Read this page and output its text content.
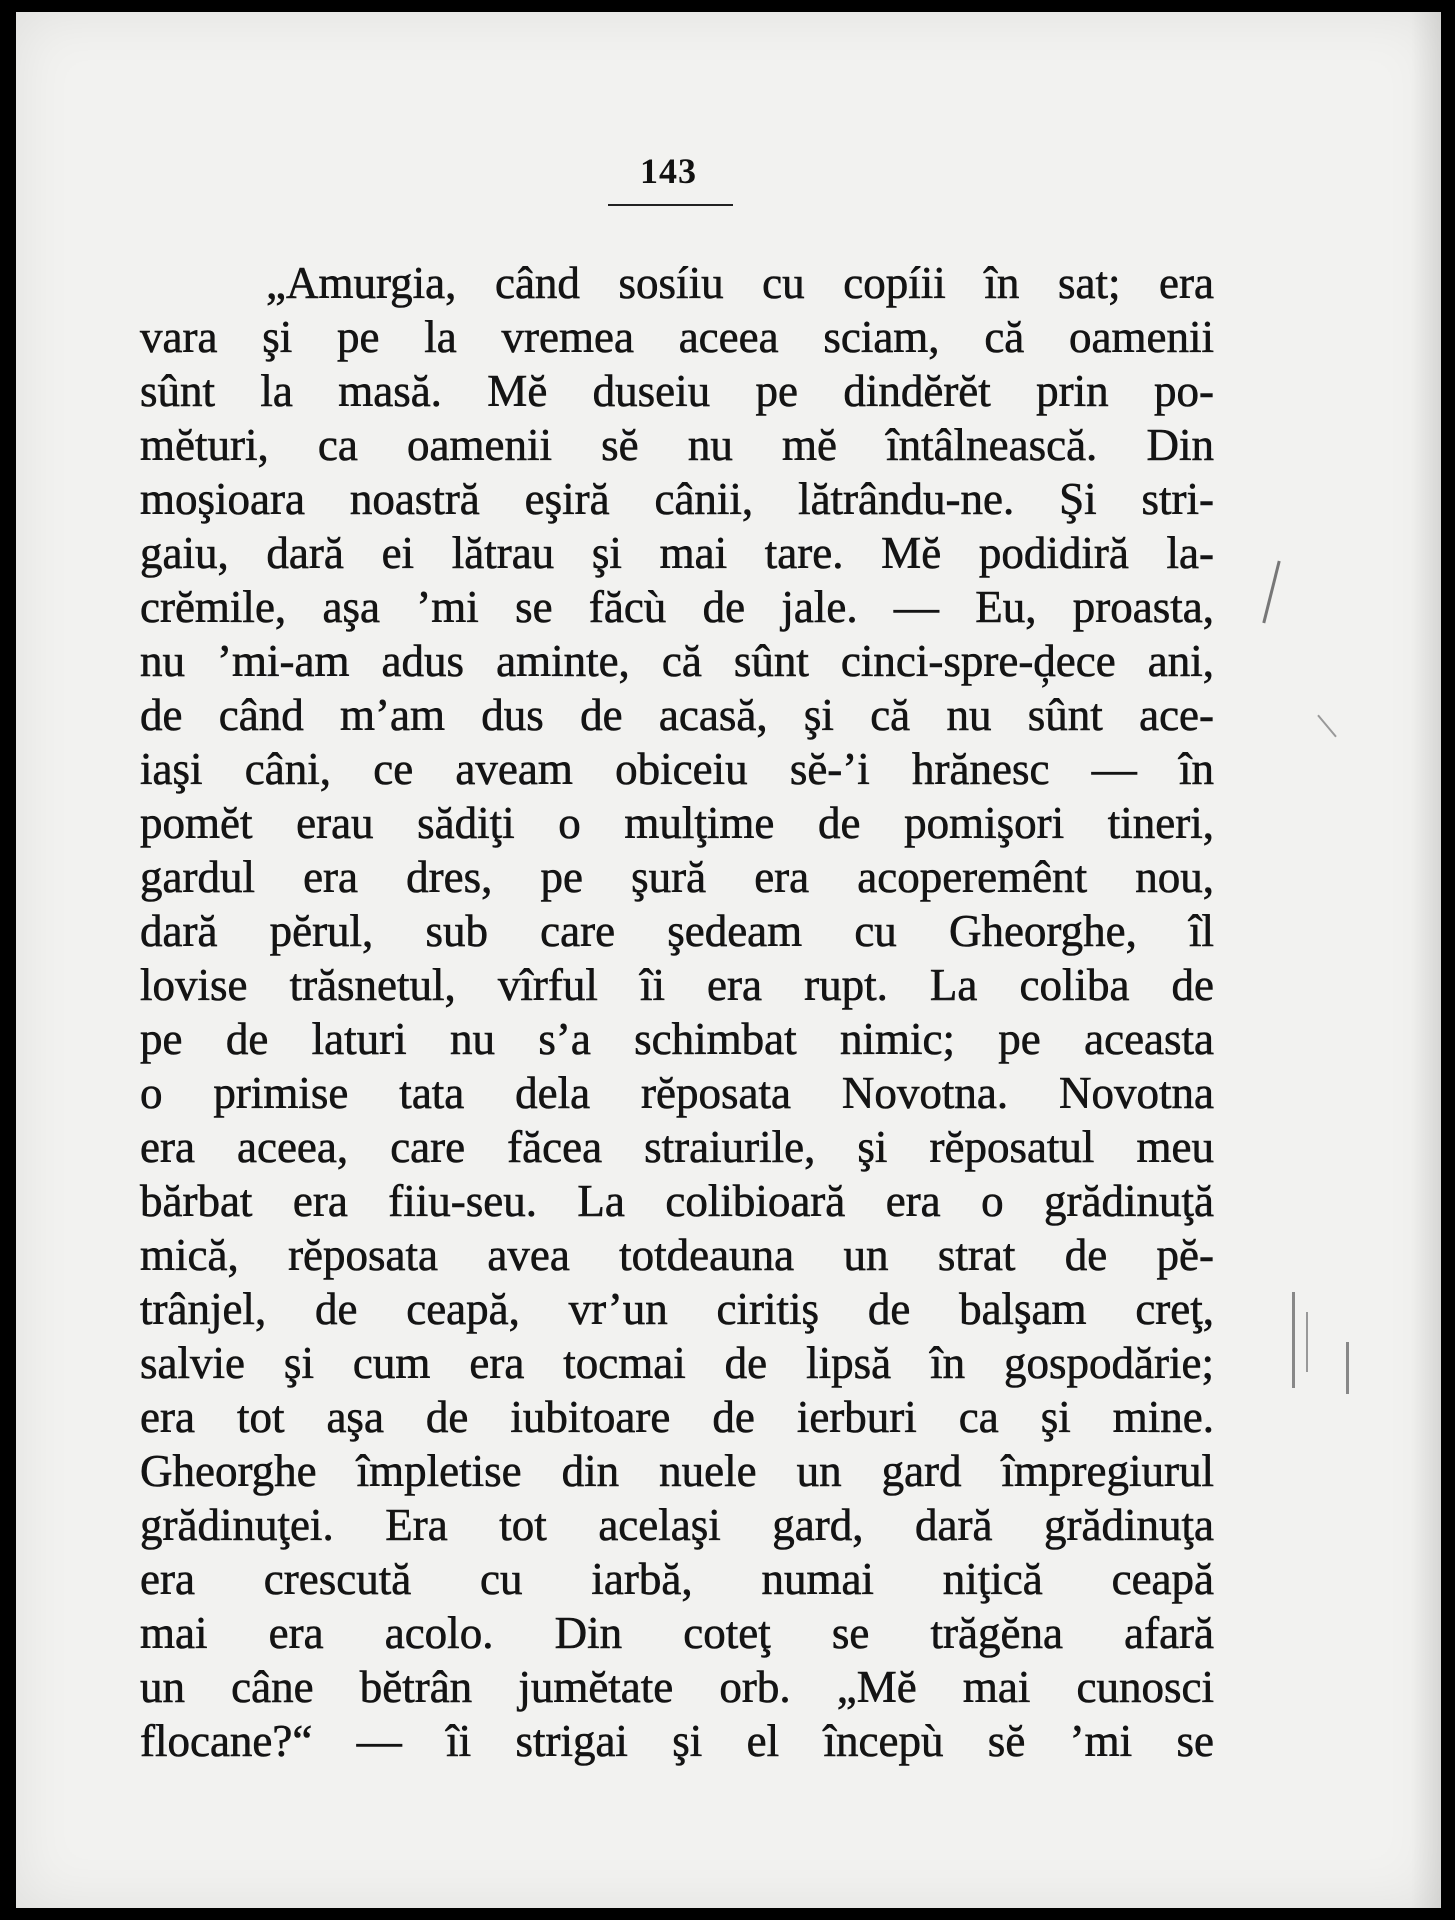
143
„Amurgia, când sosíiu cu copíii în sat; era
vara şi pe la vremea aceea sciam, că oamenii
sûnt la masă. Mĕ duseiu pe dindĕrĕt prin po-
mĕturi, ca oamenii sĕ nu mĕ întâlnească. Din
moşioara noastră eşiră cânii, lătrându-ne. Şi stri-
gaiu, dară ei lătrau şi mai tare. Mĕ podidiră la-
crĕmile, aşa ’mi se făcù de jale. — Eu, proasta,
nu ’mi-am adus aminte, că sûnt cinci-spre-ḑece ani,
de când m’am dus de acasă, şi că nu sûnt ace-
iaşi câni, ce aveam obiceiu sĕ-’i hrănesc — în
pomĕt erau sădiţi o mulţime de pomişori tineri,
gardul era dres, pe şură era acoperemênt nou,
dară pĕrul, sub care şedeam cu Gheorghe, îl
lovise trăsnetul, vîrful îi era rupt. La coliba de
pe de laturi nu s’a schimbat nimic; pe aceasta
o primise tata dela rĕposata Novotna. Novotna
era aceea, care făcea straiurile, şi rĕposatul meu
bărbat era fiiu-seu. La colibioară era o grădinuţă
mică, rĕposata avea totdeauna un strat de pĕ-
trânjel, de ceapă, vr’un ciritiş de balşam creţ,
salvie şi cum era tocmai de lipsă în gospodărie;
era tot aşa de iubitoare de ierburi ca şi mine.
Gheorghe împletise din nuele un gard împregiurul
grădinuţei. Era tot acelaşi gard, dară grădinuţa
era crescută cu iarbă, numai niţică ceapă
mai era acolo. Din coteţ se trăgĕna afară
un câne bĕtrân jumĕtate orb. „Mĕ mai cunosci
flocane?“ — îi strigai şi el începù sĕ ’mi se
